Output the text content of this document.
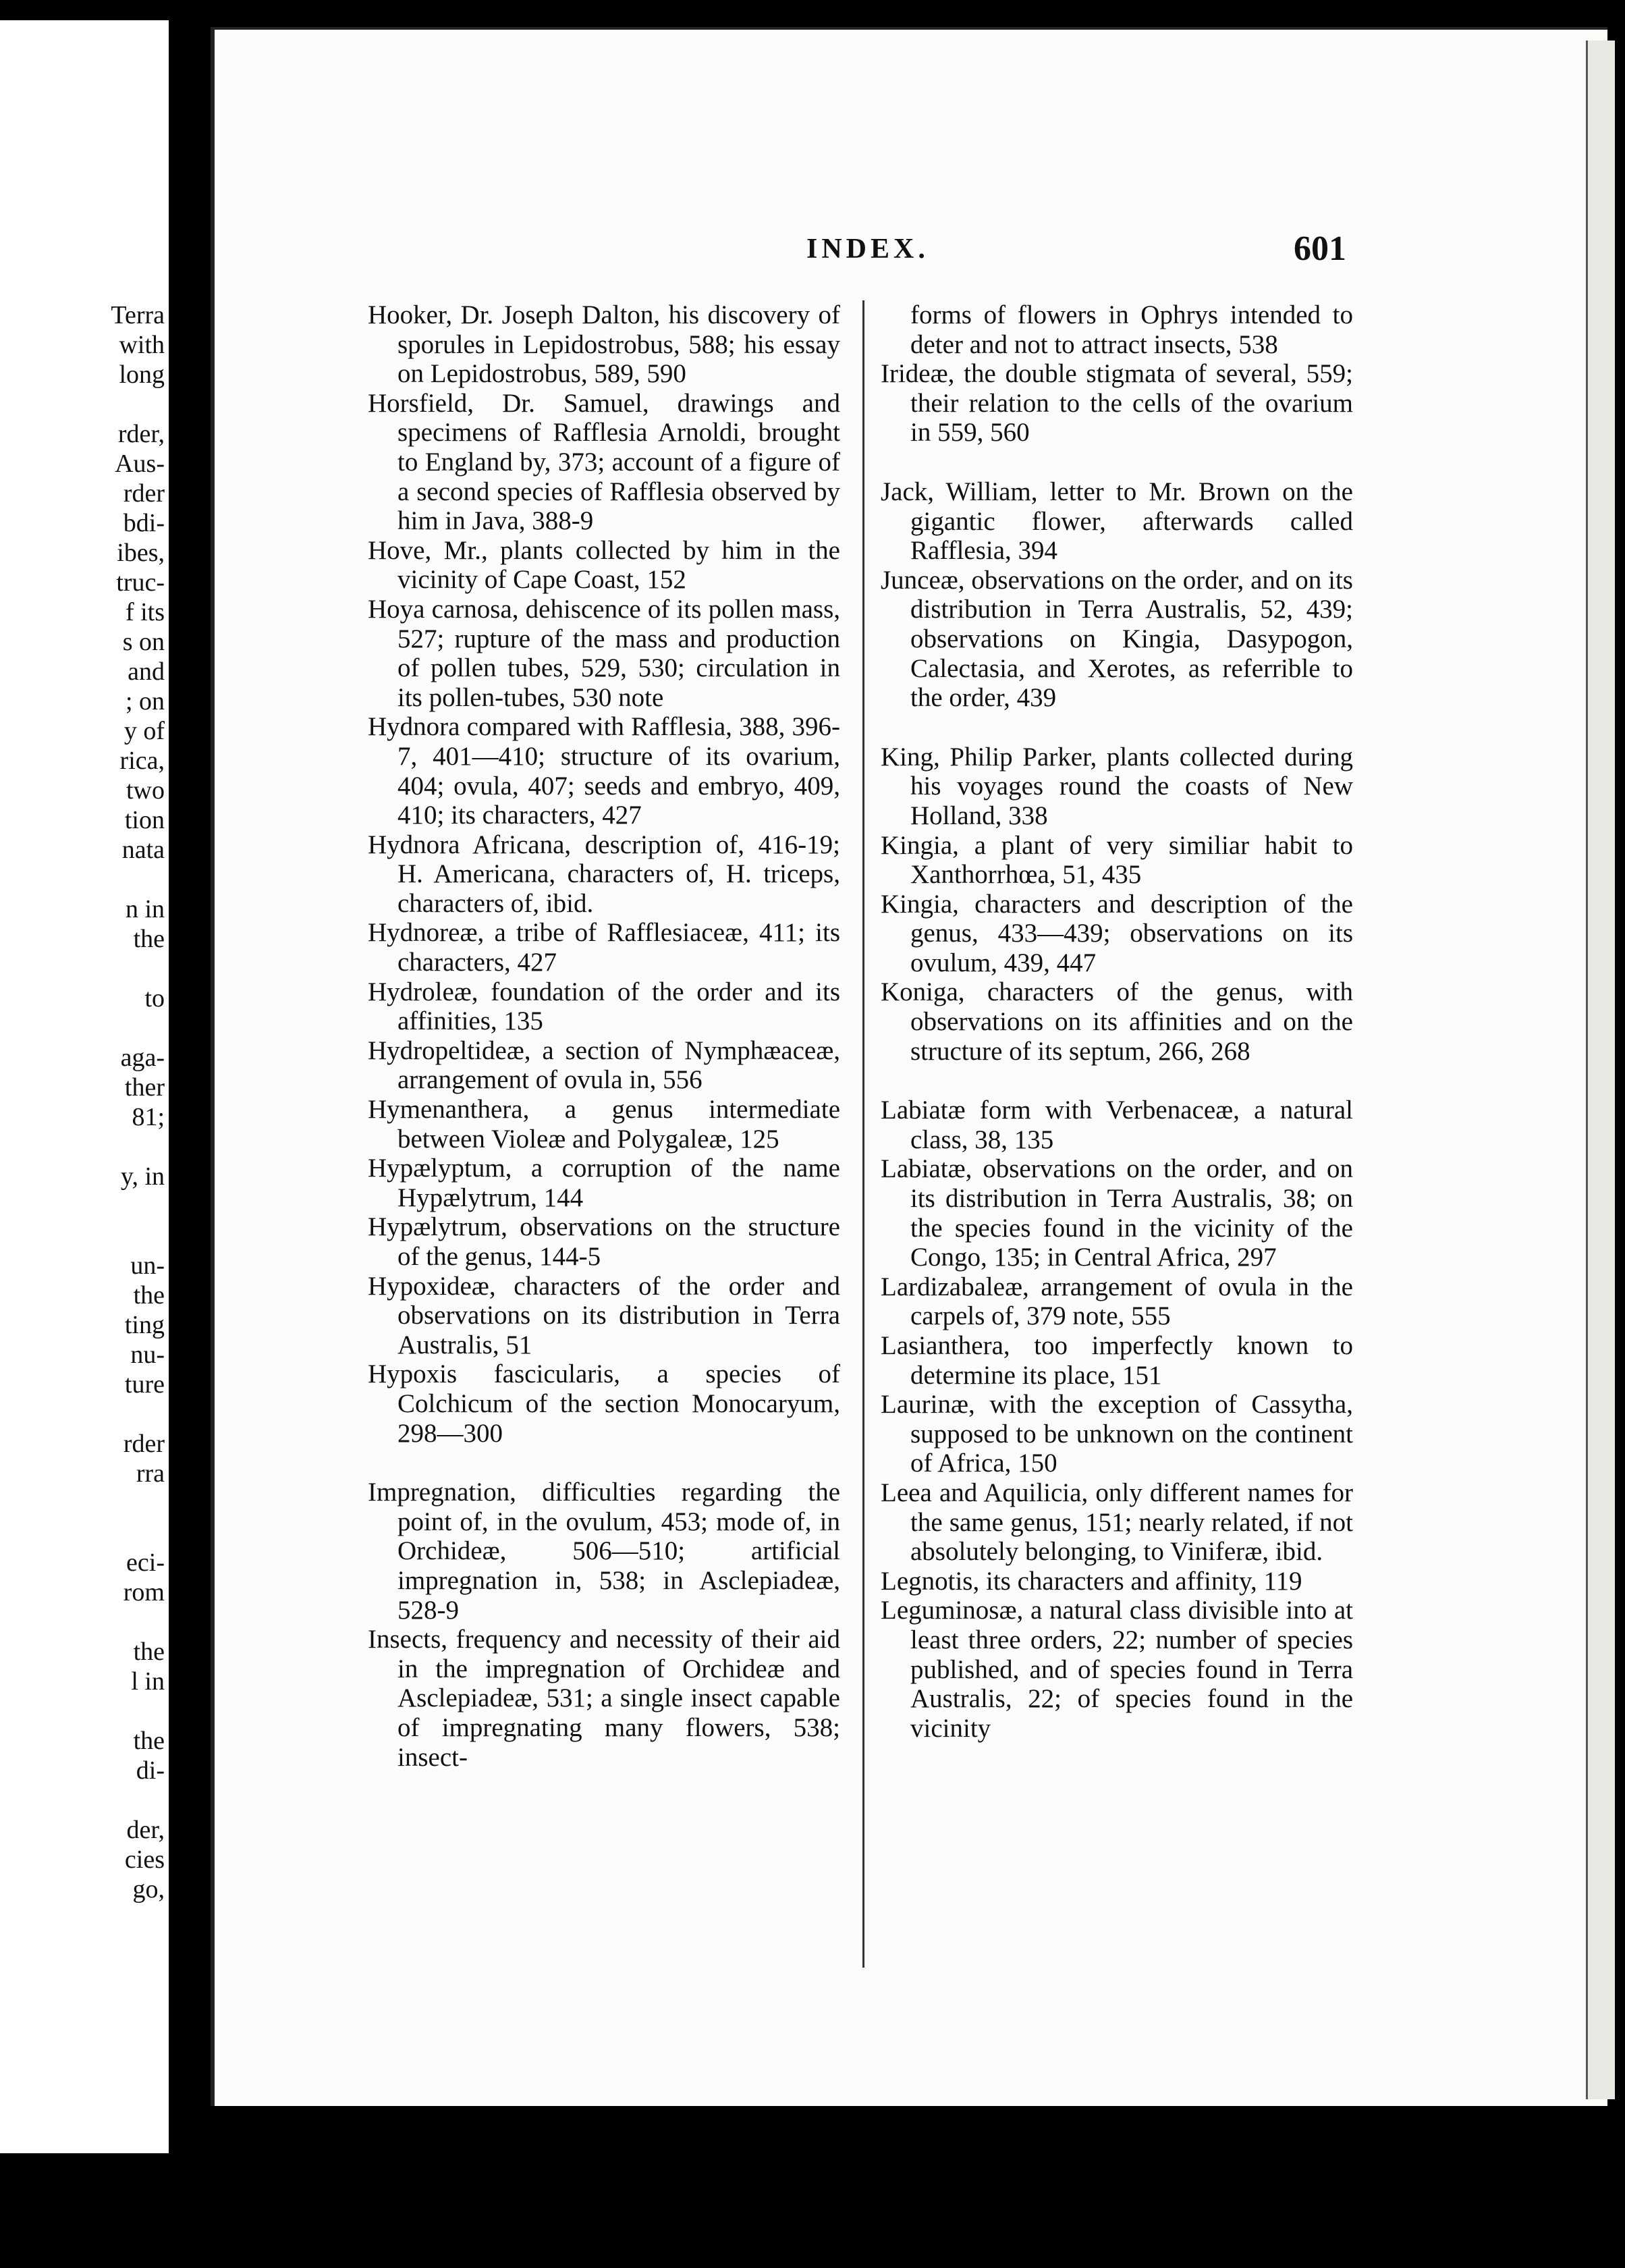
Terra
with
long
rder,
Aus-
rder
bdi-
ibes,
truc-
f its
s on
and
; on
y of
rica,
two
tion
nata
n in
the
to
aga-
ther
81;
y, in
un-
the
ting
nu-
ture
rder
rra
eci-
rom
the
l in
the
di-
der,
cies
go,
INDEX.	601
Hooker, Dr. Joseph Dalton, his discovery of sporules in Lepidostrobus, 588; his essay on Lepidostrobus, 589, 590
Horsfield, Dr. Samuel, drawings and specimens of Rafflesia Arnoldi, brought to England by, 373; account of a figure of a second species of Rafflesia observed by him in Java, 388-9
Hove, Mr., plants collected by him in the vicinity of Cape Coast, 152
Hoya carnosa, dehiscence of its pollen mass, 527; rupture of the mass and production of pollen tubes, 529, 530; circulation in its pollen-tubes, 530 note
Hydnora compared with Rafflesia, 388, 396-7, 401—410; structure of its ovarium, 404; ovula, 407; seeds and embryo, 409, 410; its characters, 427
Hydnora Africana, description of, 416-19; H. Americana, characters of, H. triceps, characters of, ibid.
Hydnoreæ, a tribe of Rafflesiaceæ, 411; its characters, 427
Hydroleæ, foundation of the order and its affinities, 135
Hydropeltideæ, a section of Nymphæaceæ, arrangement of ovula in, 556
Hymenanthera, a genus intermediate between Violeæ and Polygaleæ, 125
Hypælyptum, a corruption of the name Hypælytrum, 144
Hypælytrum, observations on the structure of the genus, 144-5
Hypoxideæ, characters of the order and observations on its distribution in Terra Australis, 51
Hypoxis fascicularis, a species of Colchicum of the section Monocaryum, 298—300
Impregnation, difficulties regarding the point of, in the ovulum, 453; mode of, in Orchideæ, 506—510; artificial impregnation in, 538; in Asclepiadeæ, 528-9
Insects, frequency and necessity of their aid in the impregnation of Orchideæ and Asclepiadeæ, 531; a single insect capable of impregnating many flowers, 538; insect-
forms of flowers in Ophrys intended to deter and not to attract insects, 538
Irideæ, the double stigmata of several, 559; their relation to the cells of the ovarium in 559, 560
Jack, William, letter to Mr. Brown on the gigantic flower, afterwards called Rafflesia, 394
Junceæ, observations on the order, and on its distribution in Terra Australis, 52, 439; observations on Kingia, Dasypogon, Calectasia, and Xerotes, as referrible to the order, 439
King, Philip Parker, plants collected during his voyages round the coasts of New Holland, 338
Kingia, a plant of very similiar habit to Xanthorrhœa, 51, 435
Kingia, characters and description of the genus, 433—439; observations on its ovulum, 439, 447
Koniga, characters of the genus, with observations on its affinities and on the structure of its septum, 266, 268
Labiatæ form with Verbenaceæ, a natural class, 38, 135
Labiatæ, observations on the order, and on its distribution in Terra Australis, 38; on the species found in the vicinity of the Congo, 135; in Central Africa, 297
Lardizabaleæ, arrangement of ovula in the carpels of, 379 note, 555
Lasianthera, too imperfectly known to determine its place, 151
Laurinæ, with the exception of Cassytha, supposed to be unknown on the continent of Africa, 150
Leea and Aquilicia, only different names for the same genus, 151; nearly related, if not absolutely belonging, to Viniferæ, ibid.
Legnotis, its characters and affinity, 119
Leguminosæ, a natural class divisible into at least three orders, 22; number of species published, and of species found in Terra Australis, 22; of species found in the vicinity
